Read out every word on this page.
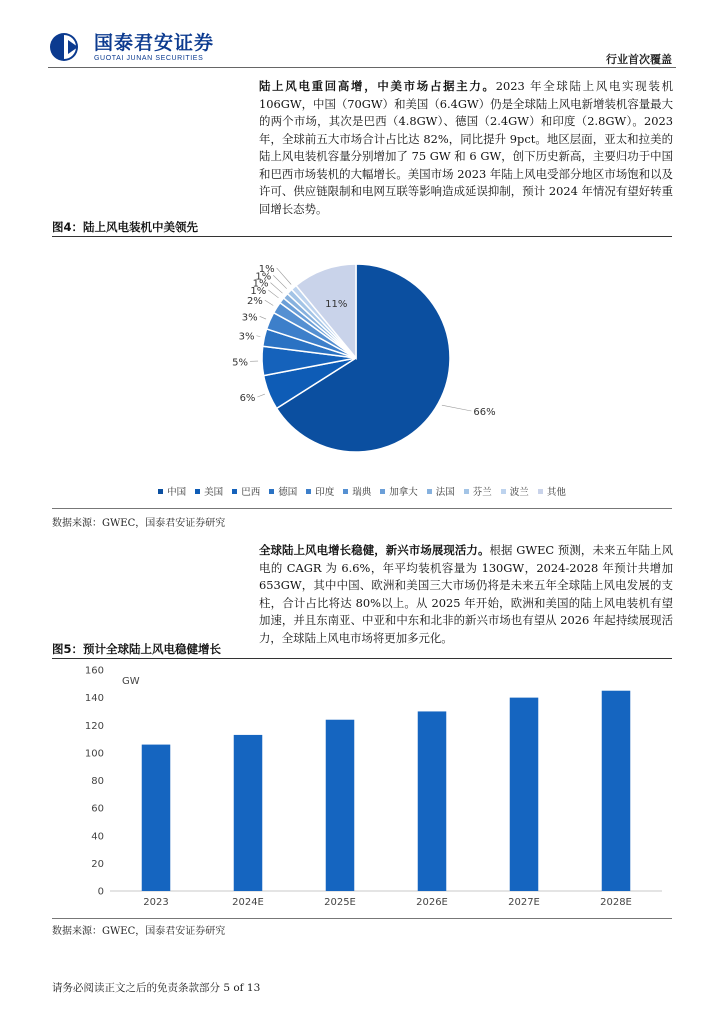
国泰君安证券
GUOTAI JUNAN SECURITIES	行业首次覆盖
陆上风电重回高增，中美市场占据主力。2023 年全球陆上风电实现装机 106GW，中国（70GW）和美国（6.4GW）仍是全球陆上风电新增装机容量最大的两个市场，其次是巴西（4.8GW）、德国（2.4GW）和印度（2.8GW）。2023 年，全球前五大市场合计占比达 82%，同比提升 9pct。地区层面，亚太和拉美的陆上风电装机容量分别增加了 75 GW 和 6 GW，创下历史新高，主要归功于中国和巴西市场装机的大幅增长。美国市场 2023 年陆上风电受部分地区市场饱和以及许可、供应链限制和电网互联等影响造成延误抑制，预计 2024 年情况有望好转重回增长态势。
图4：陆上风电装机中美领先
66%
6%
5%
3%
3%
2%
1%
1%
1%
1%
11%
中国 美国 巴西 德国 印度 瑞典 加拿大 法国 芬兰 波兰 其他
数据来源：GWEC，国泰君安证券研究
全球陆上风电增长稳健，新兴市场展现活力。根据 GWEC 预测，未来五年陆上风电的 CAGR 为 6.6%，年平均装机容量为 130GW，2024-2028 年预计共增加 653GW，其中中国、欧洲和美国三大市场仍将是未来五年全球陆上风电发展的支柱，合计占比将达 80%以上。从 2025 年开始，欧洲和美国的陆上风电装机有望加速，并且东南亚、中亚和中东和北非的新兴市场也有望从 2026 年起持续展现活力，全球陆上风电市场将更加多元化。
图5：预计全球陆上风电稳健增长
0
20
40
60
80
100
120
140
160
GW
2023	2024E	2025E	2026E	2027E	2028E
数据来源：GWEC，国泰君安证券研究
请务必阅读正文之后的免责条款部分 5 of 13
